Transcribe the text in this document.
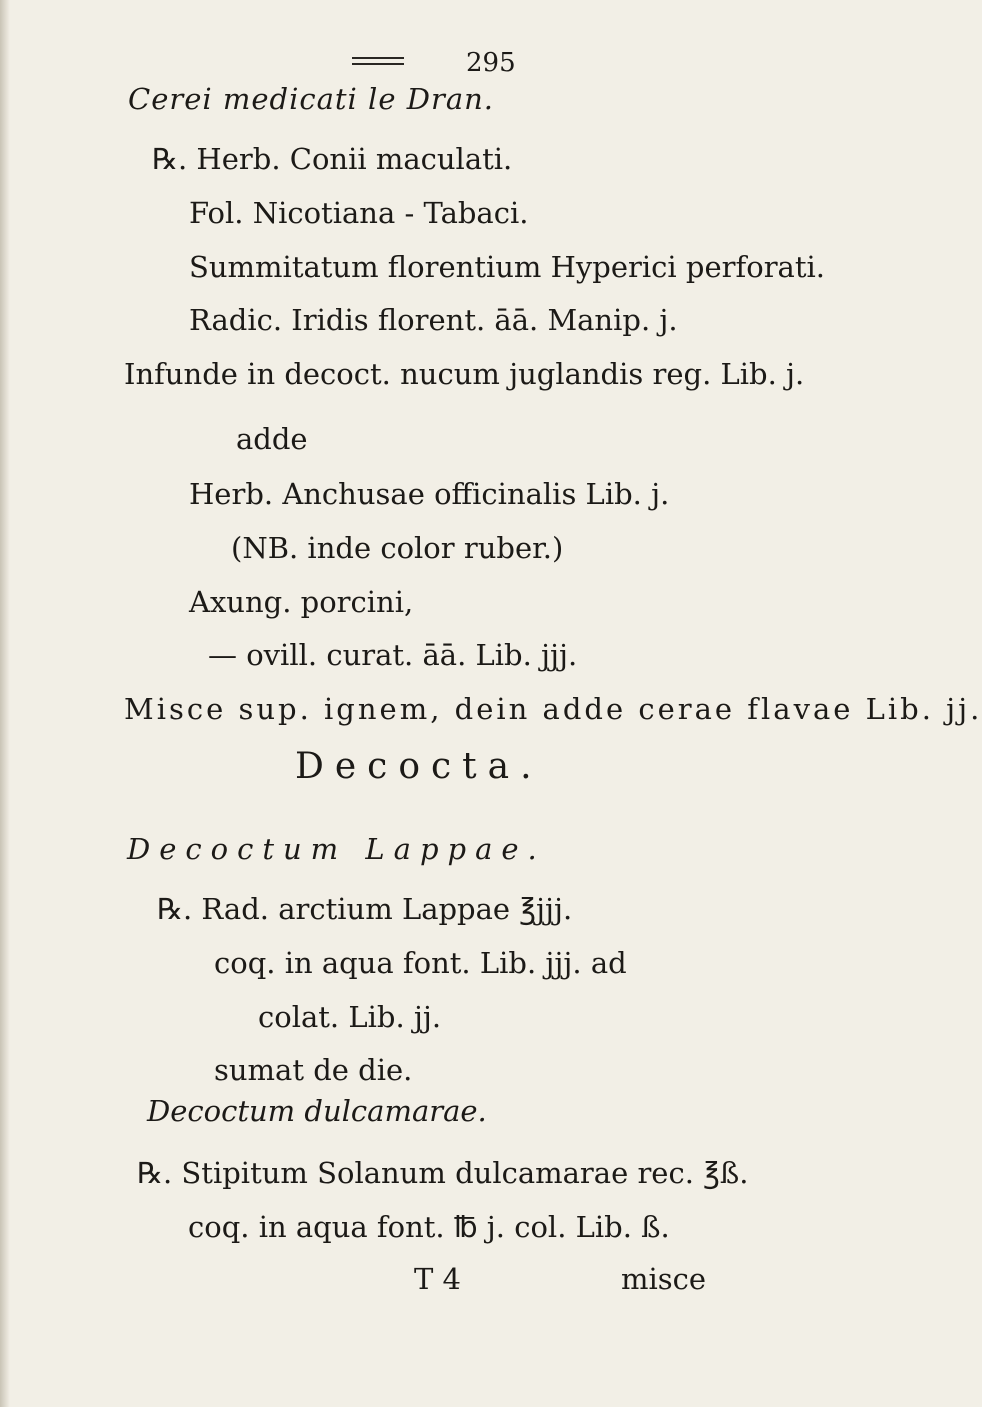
295
Cerei medicati le Dran.
℞. Herb. Conii maculati.
Fol. Nicotiana - Tabaci.
Summitatum florentium Hyperici perforati.
Radic. Iridis florent. āā. Manip. j.
Infunde in decoct. nucum juglandis reg. Lib. j.
adde
Herb. Anchusae officinalis Lib. j.
(NB. inde color ruber.)
Axung. porcini,
— ovill. curat. āā. Lib. jjj.
Misce sup. ignem, dein adde cerae flavae Lib. jj.
Decocta.
Decoctum Lappae.
℞. Rad. arctium Lappae ℥jjj.
coq. in aqua font. Lib. jjj. ad
colat. Lib. jj.
sumat de die.
Decoctum dulcamarae.
℞. Stipitum Solanum dulcamarae rec. ℥ß.
coq. in aqua font. ℔ j. col. Lib. ß.
T 4	misce
